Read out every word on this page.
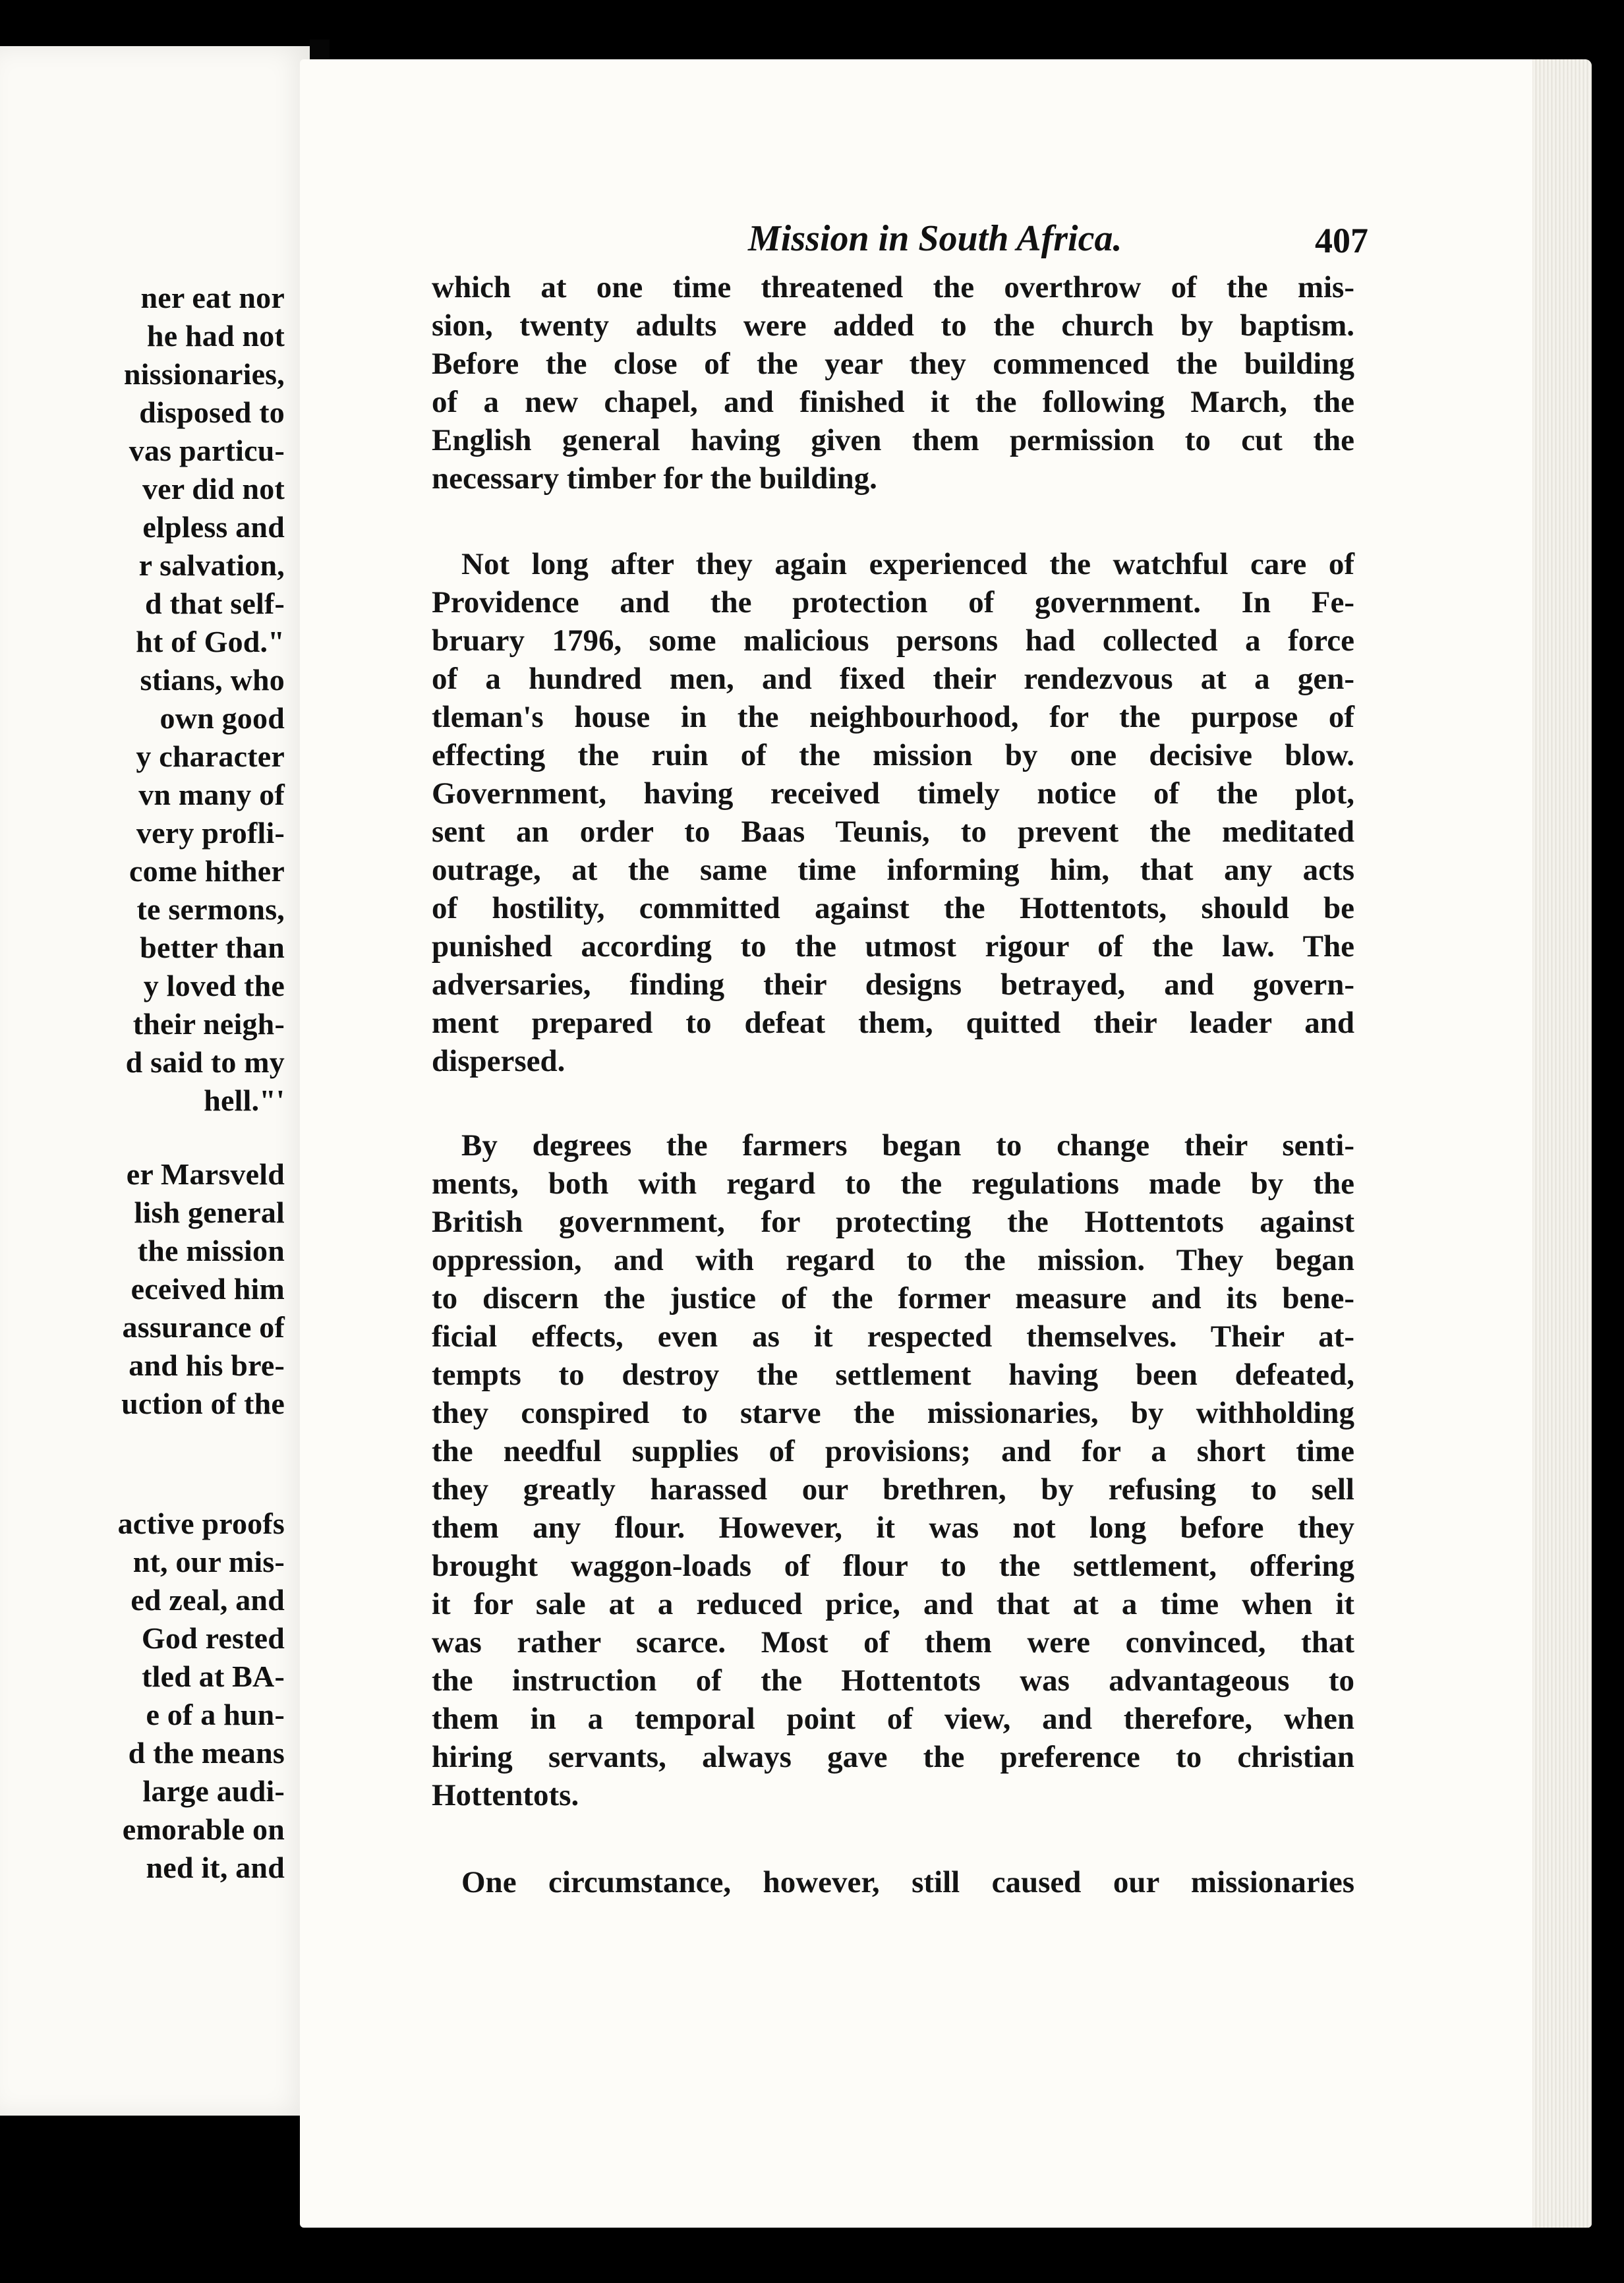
ner eat nor
he had not
nissionaries,
disposed to
vas particu-
ver did not
elpless and
r salvation,
d that self-
ht of God."
stians, who
own good
y character
vn many of
very profli-
come hither
te sermons,
better than
y loved the
their neigh-
d said to my
hell."'
er Marsveld
lish general
the mission
eceived him
assurance of
and his bre-
uction of the
active proofs
nt, our mis-
ed zeal, and
God rested
tled at BA-
e of a hun-
d the means
large audi-
emorable on
ned it, and
Mission in South Africa.	407
which at one time threatened the overthrow of the mis-
sion, twenty adults were added to the church by baptism.
Before the close of the year they commenced the building
of a new chapel, and finished it the following March, the
English general having given them permission to cut the
necessary timber for the building.
Not long after they again experienced the watchful care of
Providence and the protection of government. In Fe-
bruary 1796, some malicious persons had collected a force
of a hundred men, and fixed their rendezvous at a gen-
tleman's house in the neighbourhood, for the purpose of
effecting the ruin of the mission by one decisive blow.
Government, having received timely notice of the plot,
sent an order to Baas Teunis, to prevent the meditated
outrage, at the same time informing him, that any acts
of hostility, committed against the Hottentots, should be
punished according to the utmost rigour of the law. The
adversaries, finding their designs betrayed, and govern-
ment prepared to defeat them, quitted their leader and
dispersed.
By degrees the farmers began to change their senti-
ments, both with regard to the regulations made by the
British government, for protecting the Hottentots against
oppression, and with regard to the mission. They began
to discern the justice of the former measure and its bene-
ficial effects, even as it respected themselves. Their at-
tempts to destroy the settlement having been defeated,
they conspired to starve the missionaries, by withholding
the needful supplies of provisions; and for a short time
they greatly harassed our brethren, by refusing to sell
them any flour. However, it was not long before they
brought waggon-loads of flour to the settlement, offering
it for sale at a reduced price, and that at a time when it
was rather scarce. Most of them were convinced, that
the instruction of the Hottentots was advantageous to
them in a temporal point of view, and therefore, when
hiring servants, always gave the preference to christian
Hottentots.
One circumstance, however, still caused our missionaries
